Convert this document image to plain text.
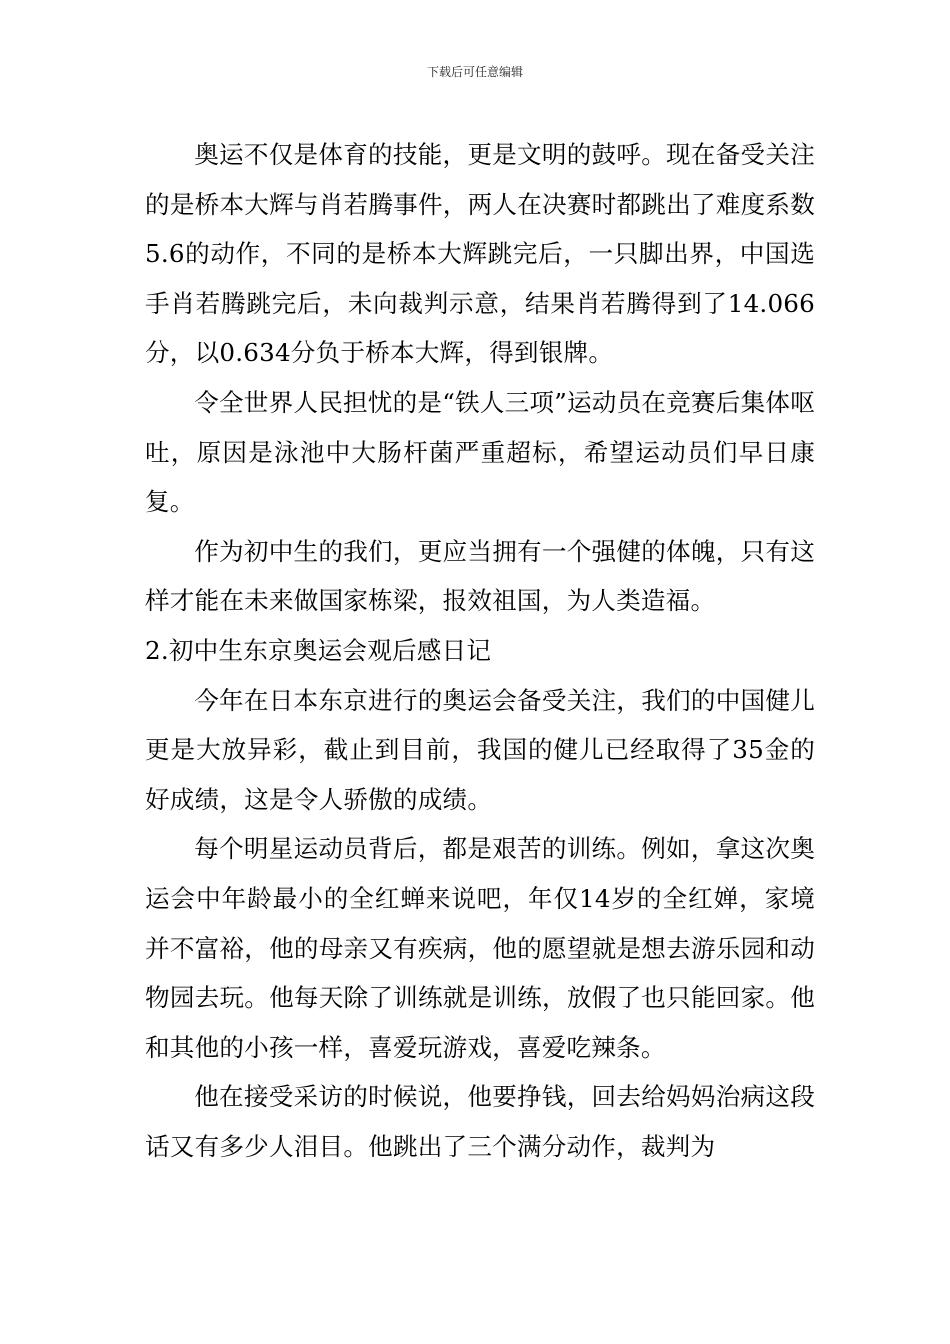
下载后可任意编辑

奥运不仅是体育的技能，更是文明的鼓呼。现在备受关注的是桥本大辉与肖若腾事件，两人在决赛时都跳出了难度系数5.6的动作，不同的是桥本大辉跳完后，一只脚出界，中国选手肖若腾跳完后，未向裁判示意，结果肖若腾得到了14.066分，以0.634分负于桥本大辉，得到银牌。

令全世界人民担忧的是“铁人三项”运动员在竞赛后集体呕吐，原因是泳池中大肠杆菌严重超标，希望运动员们早日康复。

作为初中生的我们，更应当拥有一个强健的体魄，只有这样才能在未来做国家栋梁，报效祖国，为人类造福。

2.初中生东京奥运会观后感日记

今年在日本东京进行的奥运会备受关注，我们的中国健儿更是大放异彩，截止到目前，我国的健儿已经取得了35金的好成绩，这是令人骄傲的成绩。

每个明星运动员背后，都是艰苦的训练。例如，拿这次奥运会中年龄最小的全红蝉来说吧，年仅14岁的全红婵，家境并不富裕，他的母亲又有疾病，他的愿望就是想去游乐园和动物园去玩。他每天除了训练就是训练，放假了也只能回家。他和其他的小孩一样，喜爱玩游戏，喜爱吃辣条。

他在接受采访的时候说，他要挣钱，回去给妈妈治病这段话又有多少人泪目。他跳出了三个满分动作，裁判为
